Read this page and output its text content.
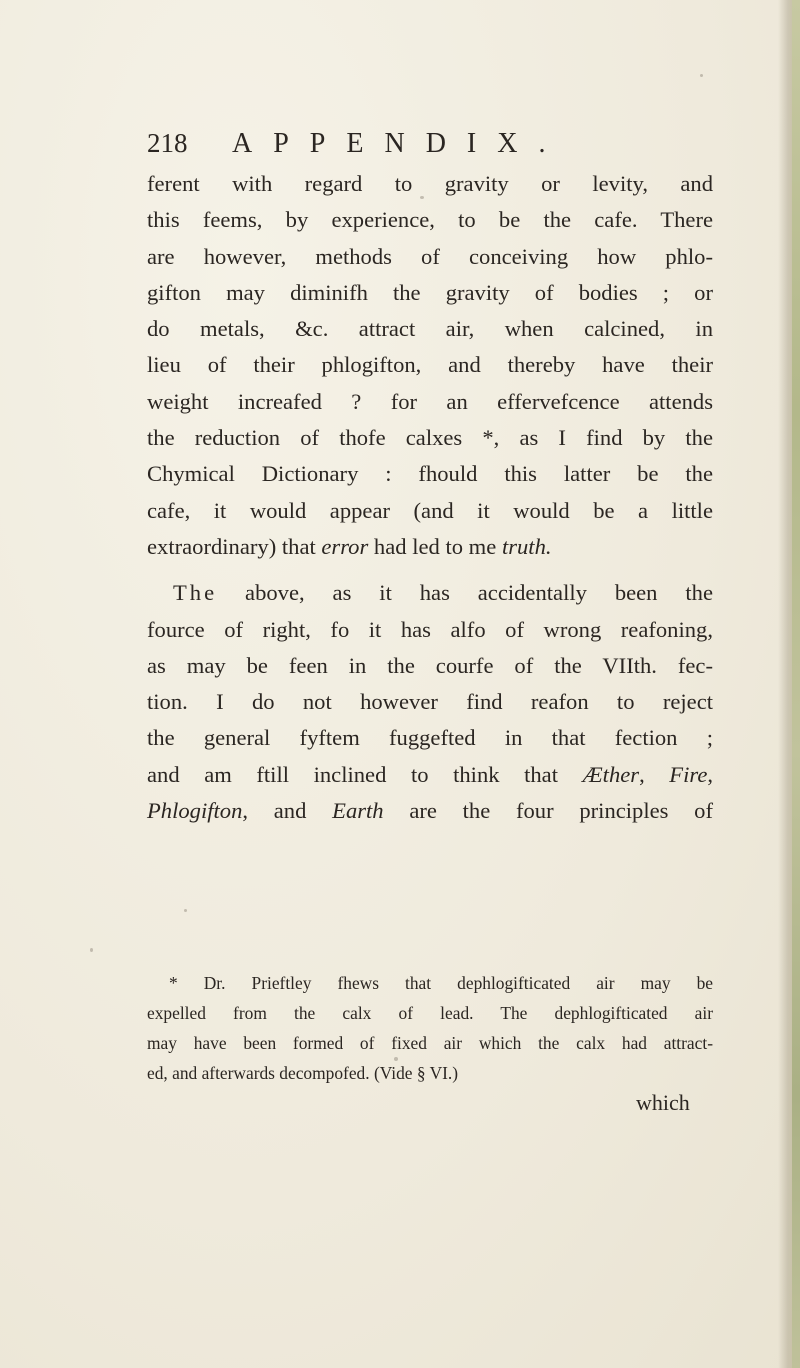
218 APPENDIX.
ferent with regard to gravity or levity, and
this feems, by experience, to be the cafe. There
are however, methods of conceiving how phlo-
gifton may diminifh the gravity of bodies ; or
do metals, &c. attract air, when calcined, in
lieu of their phlogifton, and thereby have their
weight increafed ? for an effervefcence attends
the reduction of thofe calxes *, as I find by the
Chymical Dictionary : fhould this latter be the
cafe, it would appear (and it would be a little
extraordinary) that error had led to me truth.
The above, as it has accidentally been the
fource of right, fo it has alfo of wrong reafoning,
as may be feen in the courfe of the VIIth. fec-
tion. I do not however find reafon to reject
the general fyftem fuggefted in that fection ;
and am ftill inclined to think that Æther, Fire,
Phlogifton, and Earth are the four principles of
* Dr. Prieftley fhews that dephlogifticated air may be
expelled from the calx of lead. The dephlogifticated air
may have been formed of fixed air which the calx had attract-
ed, and afterwards decompofed. (Vide § VI.)
which
